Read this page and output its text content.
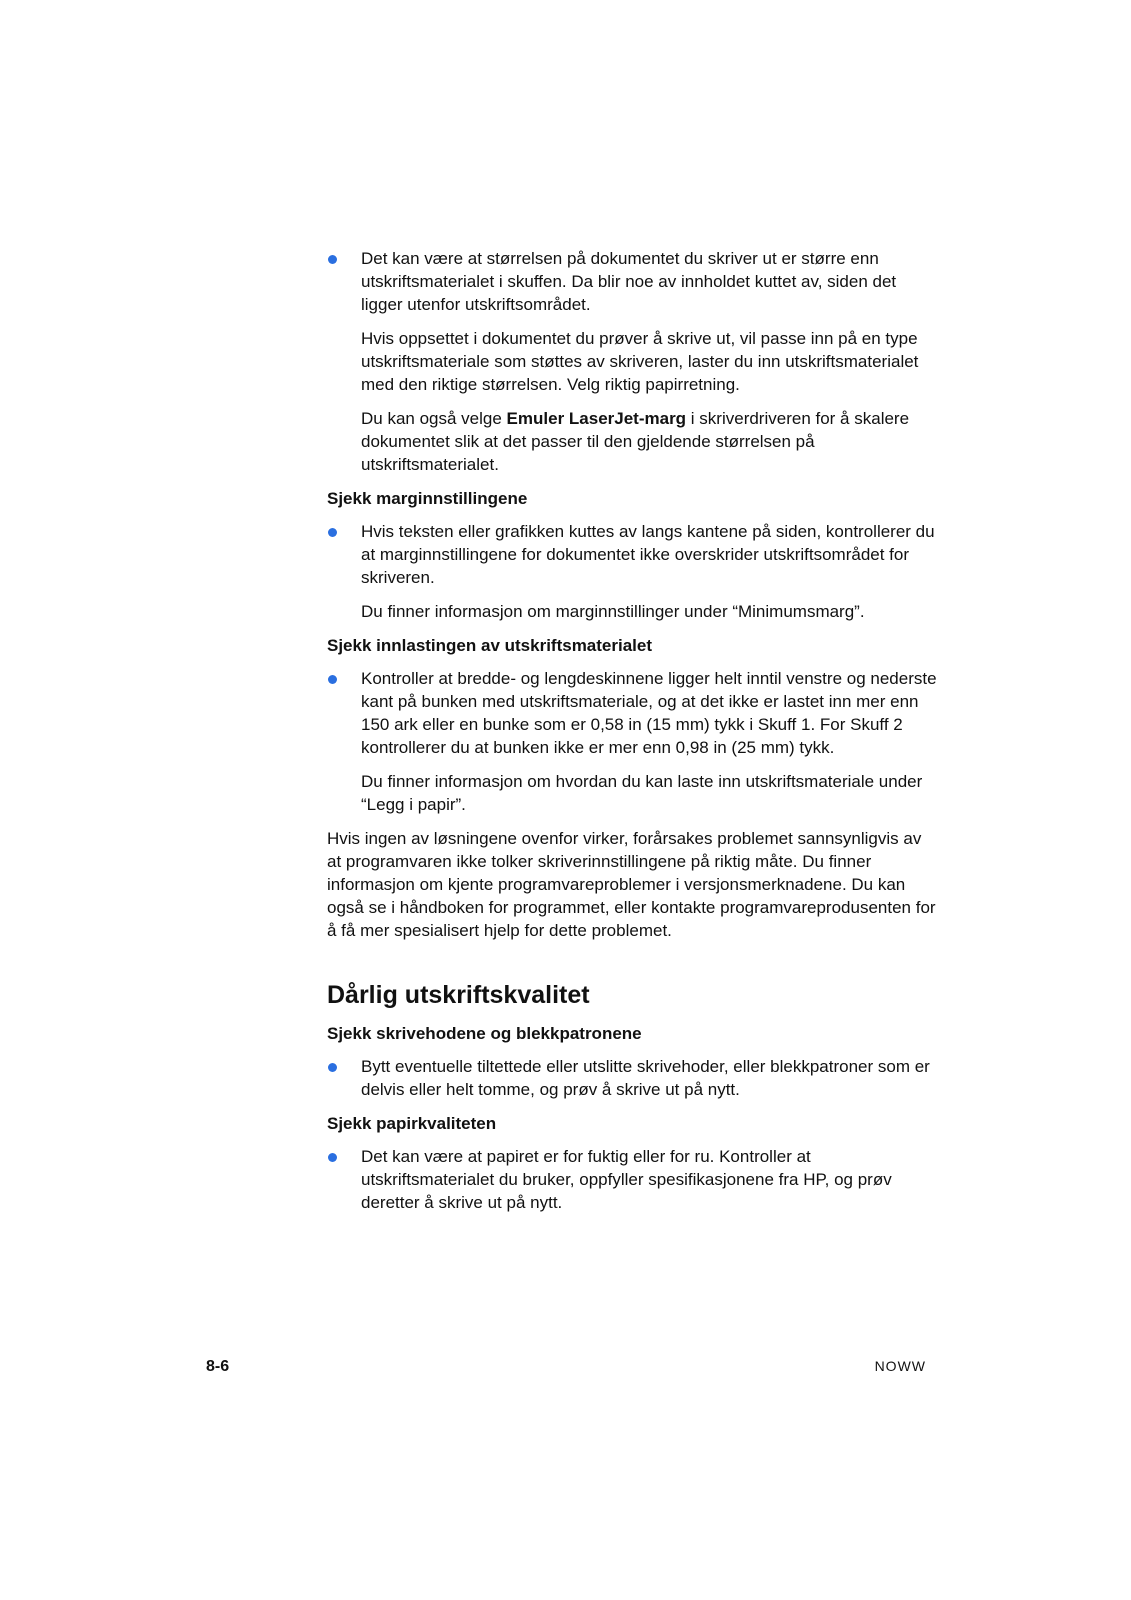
Det kan være at størrelsen på dokumentet du skriver ut er større enn utskriftsmaterialet i skuffen. Da blir noe av innholdet kuttet av, siden det ligger utenfor utskriftsområdet.

Hvis oppsettet i dokumentet du prøver å skrive ut, vil passe inn på en type utskriftsmateriale som støttes av skriveren, laster du inn utskriftsmaterialet med den riktige størrelsen. Velg riktig papirretning.

Du kan også velge Emuler LaserJet-marg i skriverdriveren for å skalere dokumentet slik at det passer til den gjeldende størrelsen på utskriftsmaterialet.

Sjekk marginnstillingene

Hvis teksten eller grafikken kuttes av langs kantene på siden, kontrollerer du at marginnstillingene for dokumentet ikke overskrider utskriftsområdet for skriveren.

Du finner informasjon om marginnstillinger under “Minimumsmarg”.

Sjekk innlastingen av utskriftsmaterialet

Kontroller at bredde- og lengdeskinnene ligger helt inntil venstre og nederste kant på bunken med utskriftsmateriale, og at det ikke er lastet inn mer enn 150 ark eller en bunke som er 0,58 in (15 mm) tykk i Skuff 1. For Skuff 2 kontrollerer du at bunken ikke er mer enn 0,98 in (25 mm) tykk.

Du finner informasjon om hvordan du kan laste inn utskriftsmateriale under “Legg i papir”.

Hvis ingen av løsningene ovenfor virker, forårsakes problemet sannsynligvis av at programvaren ikke tolker skriverinnstillingene på riktig måte. Du finner informasjon om kjente programvareproblemer i versjonsmerknadene. Du kan også se i håndboken for programmet, eller kontakte programvareprodusenten for å få mer spesialisert hjelp for dette problemet.

Dårlig utskriftskvalitet
Sjekk skrivehodene og blekkpatronene

Bytt eventuelle tiltettede eller utslitte skrivehoder, eller blekkpatroner som er delvis eller helt tomme, og prøv å skrive ut på nytt.

Sjekk papirkvaliteten

Det kan være at papiret er for fuktig eller for ru. Kontroller at utskriftsmaterialet du bruker, oppfyller spesifikasjonene fra HP, og prøv deretter å skrive ut på nytt.

8-6	NOWW
